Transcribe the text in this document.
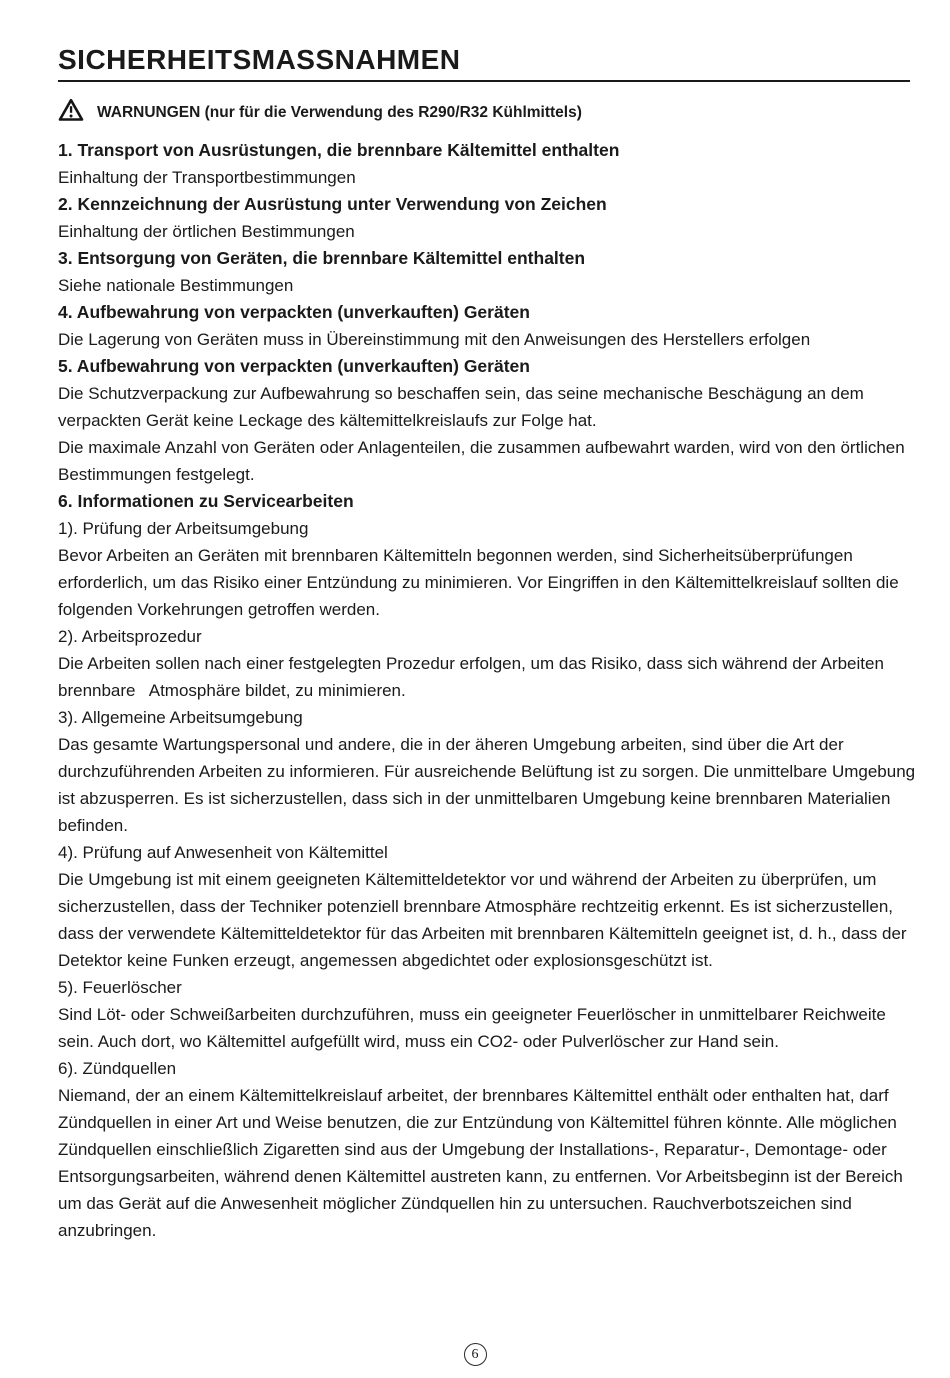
SICHERHEITSMASSNAHMEN
WARNUNGEN (nur für die Verwendung des R290/R32 Kühlmittels)
1. Transport von Ausrüstungen, die brennbare Kältemittel enthalten
Einhaltung der Transportbestimmungen
2. Kennzeichnung der Ausrüstung unter Verwendung von Zeichen
Einhaltung der örtlichen Bestimmungen
3. Entsorgung von Geräten, die brennbare Kältemittel enthalten
Siehe nationale Bestimmungen
4. Aufbewahrung von verpackten (unverkauften) Geräten
Die Lagerung von Geräten muss in Übereinstimmung mit den Anweisungen des Herstellers erfolgen
5. Aufbewahrung von verpackten (unverkauften) Geräten
Die Schutzverpackung zur Aufbewahrung so beschaffen sein, das seine mechanische Beschägung an dem verpackten Gerät keine Leckage des kältemittelkreislaufs zur Folge hat.
Die maximale Anzahl von Geräten oder Anlagenteilen, die zusammen aufbewahrt warden, wird von den örtlichen Bestimmungen festgelegt.
6. Informationen zu Servicearbeiten
1). Prüfung der Arbeitsumgebung
Bevor Arbeiten an Geräten mit brennbaren Kältemitteln begonnen werden, sind Sicherheitsüberprüfungen erforderlich, um das Risiko einer Entzündung zu minimieren. Vor Eingriffen in den Kältemittelkreislauf sollten die folgenden Vorkehrungen getroffen werden.
2). Arbeitsprozedur
Die Arbeiten sollen nach einer festgelegten Prozedur erfolgen, um das Risiko, dass sich während der Arbeiten brennbare   Atmosphäre bildet, zu minimieren.
3). Allgemeine Arbeitsumgebung
Das gesamte Wartungspersonal und andere, die in der äheren Umgebung arbeiten, sind über die Art der durchzuführenden Arbeiten zu informieren. Für ausreichende Belüftung ist zu sorgen. Die unmittelbare Umgebung ist abzusperren. Es ist sicherzustellen, dass sich in der unmittelbaren Umgebung keine brennbaren Materialien befinden.
4). Prüfung auf Anwesenheit von Kältemittel
Die Umgebung ist mit einem geeigneten Kältemitteldetektor vor und während der Arbeiten zu überprüfen, um sicherzustellen, dass der Techniker potenziell brennbare Atmosphäre rechtzeitig erkennt. Es ist sicherzustellen, dass der verwendete Kältemitteldetektor für das Arbeiten mit brennbaren Kältemitteln geeignet ist, d. h., dass der Detektor keine Funken erzeugt, angemessen abgedichtet oder explosionsgeschützt ist.
5). Feuerlöscher
Sind Löt- oder Schweißarbeiten durchzuführen, muss ein geeigneter Feuerlöscher in unmittelbarer Reichweite sein. Auch dort, wo Kältemittel aufgefüllt wird, muss ein CO2- oder Pulverlöscher zur Hand sein.
6). Zündquellen
Niemand, der an einem Kältemittelkreislauf arbeitet, der brennbares Kältemittel enthält oder enthalten hat, darf Zündquellen in einer Art und Weise benutzen, die zur Entzündung von Kältemittel führen könnte. Alle möglichen Zündquellen einschließlich Zigaretten sind aus der Umgebung der Installations-, Reparatur-, Demontage- oder Entsorgungsarbeiten, während denen Kältemittel austreten kann, zu entfernen. Vor Arbeitsbeginn ist der Bereich um das Gerät auf die Anwesenheit möglicher Zündquellen hin zu untersuchen. Rauchverbotszeichen sind anzubringen.
6
